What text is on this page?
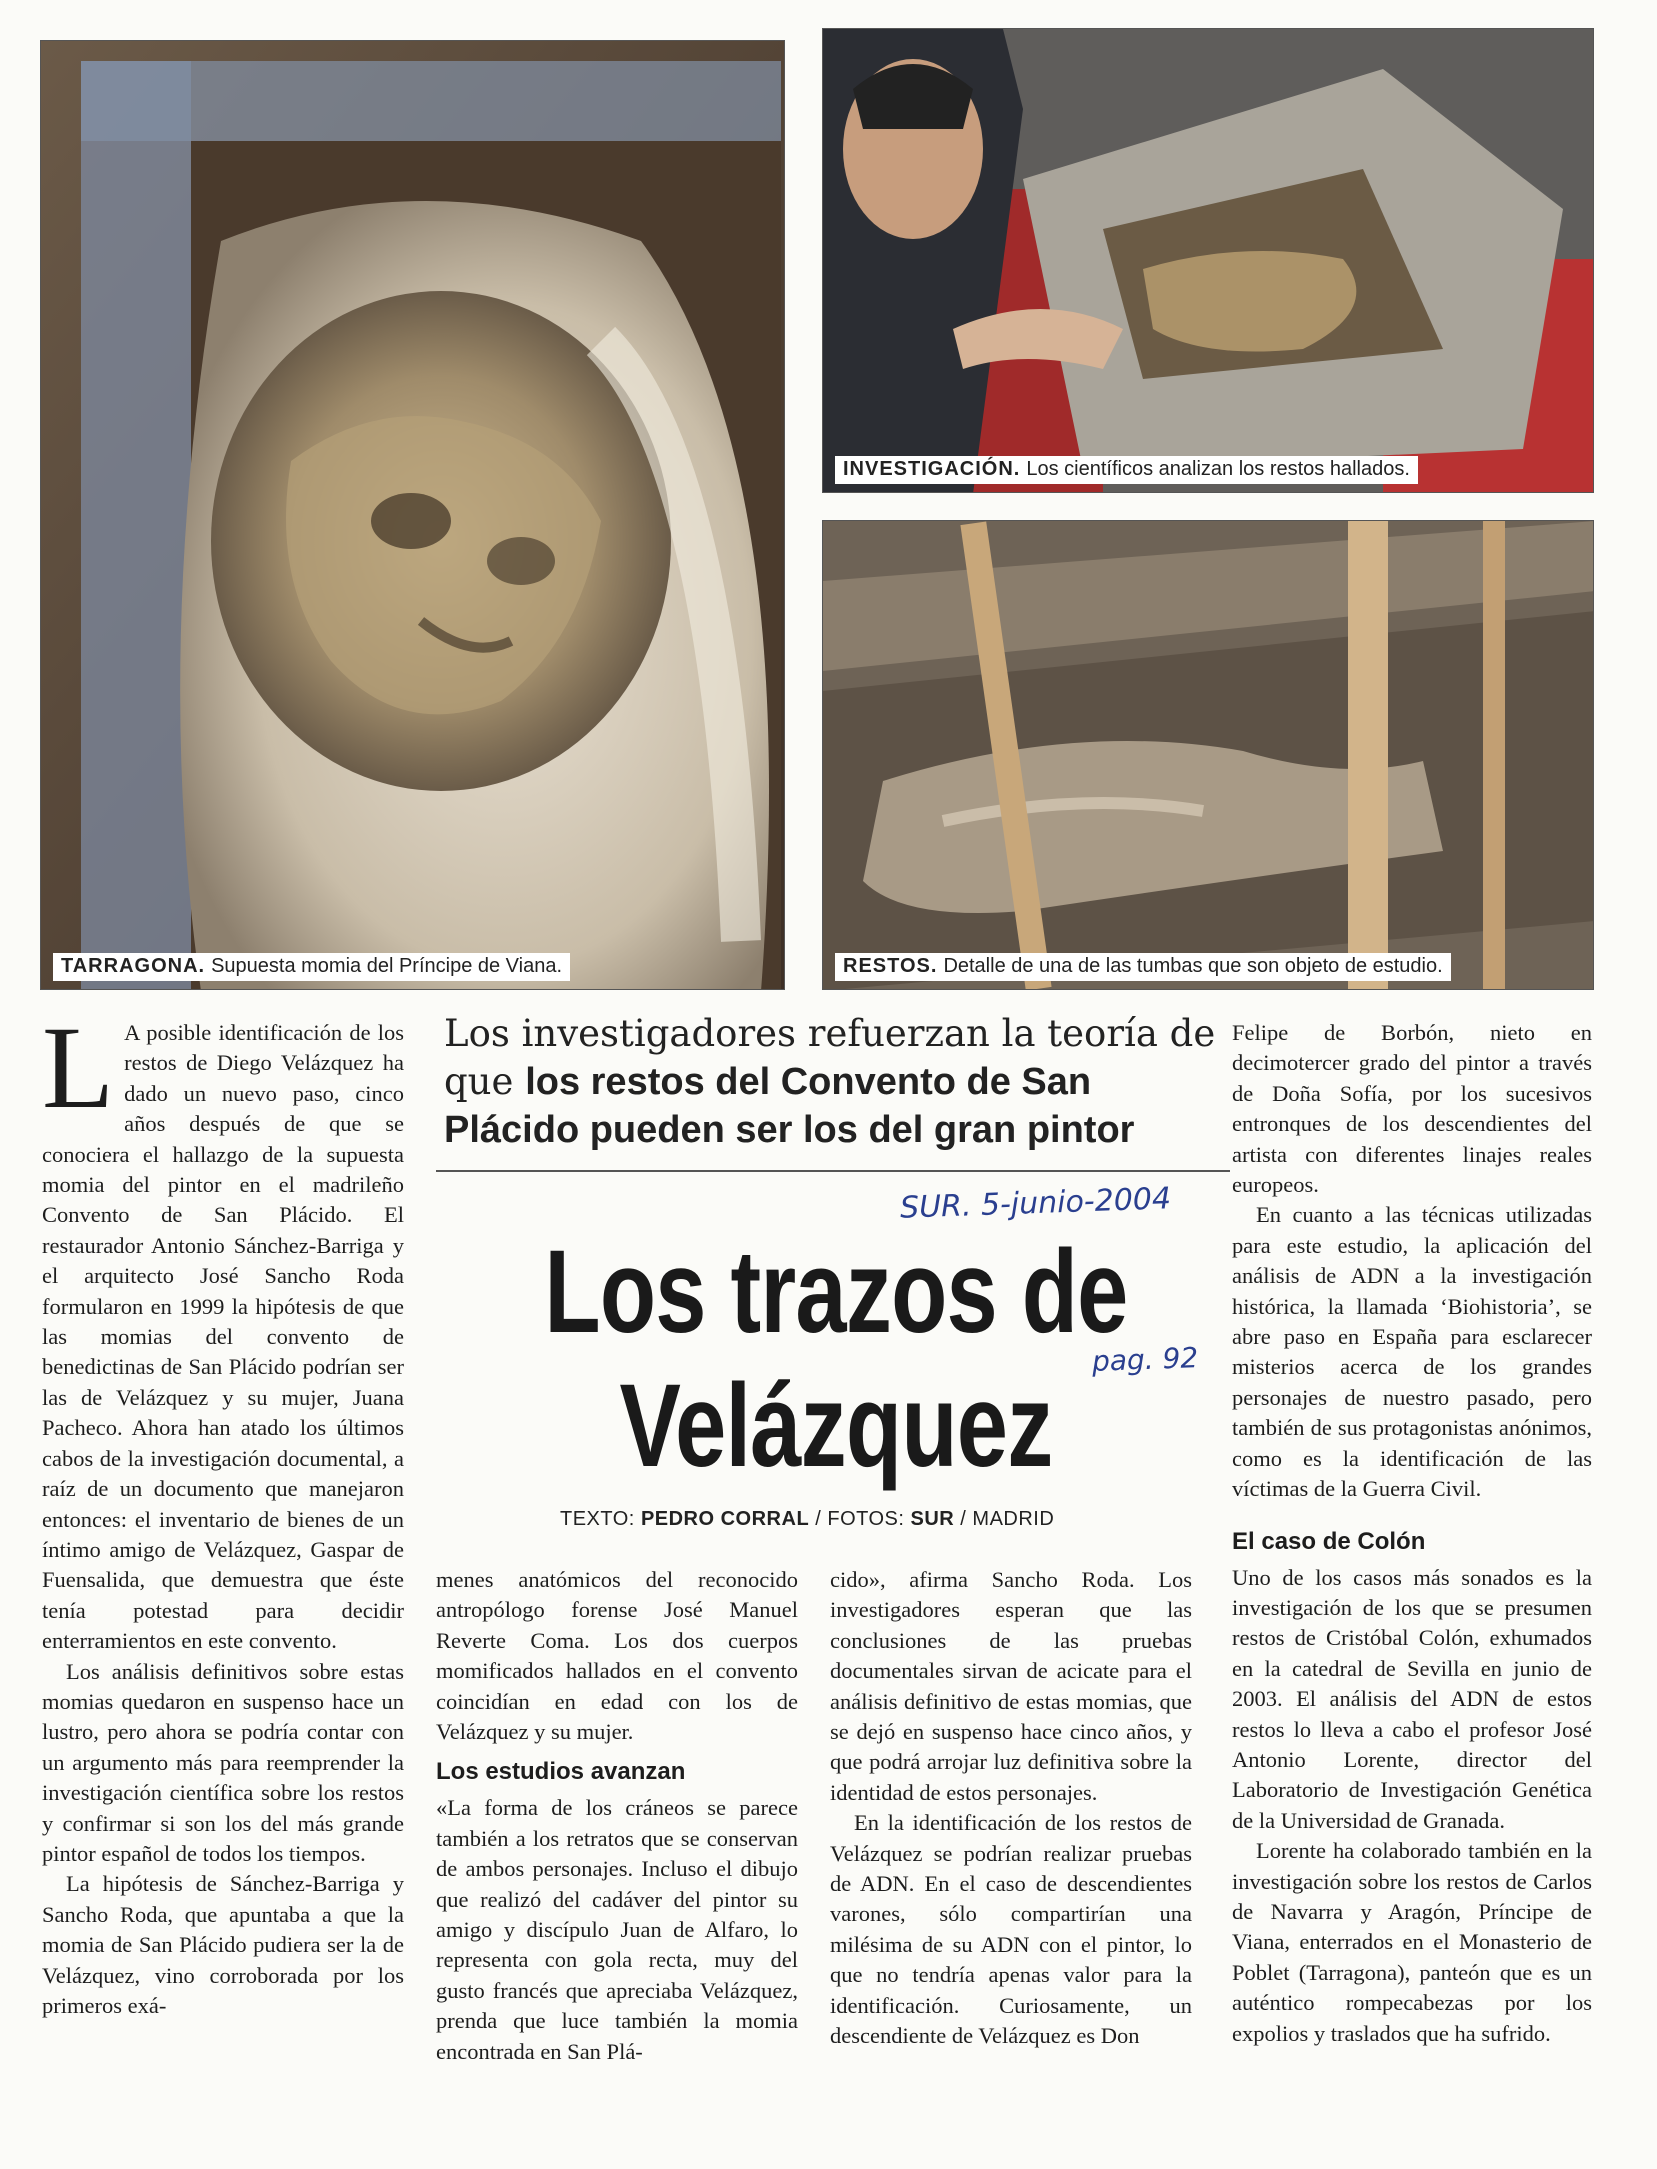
TARRAGONA. Supuesta momia del Príncipe de Viana.
INVESTIGACIÓN. Los científicos analizan los restos hallados.
RESTOS. Detalle de una de las tumbas que son objeto de estudio.
Los investigadores refuerzan la teoría de que los restos del Convento de San Plácido pueden ser los del gran pintor
SUR. 5-junio-2004
pag. 92
Los trazos de Velázquez
TEXTO: PEDRO CORRAL / FOTOS: SUR / MADRID

L A posible identificación de los restos de Diego Velázquez ha dado un nuevo paso, cinco años después de que se conociera el hallazgo de la supuesta momia del pintor en el madrileño Convento de San Plácido. El restaurador Antonio Sánchez-Barriga y el arquitecto José Sancho Roda formularon en 1999 la hipótesis de que las momias del convento de benedictinas de San Plácido podrían ser las de Velázquez y su mujer, Juana Pacheco. Ahora han atado los últimos cabos de la investigación documental, a raíz de un documento que manejaron entonces: el inventario de bienes de un íntimo amigo de Velázquez, Gaspar de Fuensalida, que demuestra que éste tenía potestad para decidir enterramientos en este convento.

Los análisis definitivos sobre estas momias quedaron en suspenso hace un lustro, pero ahora se podría contar con un argumento más para reemprender la investigación científica sobre los restos y confirmar si son los del más grande pintor español de todos los tiempos.

La hipótesis de Sánchez-Barriga y Sancho Roda, que apuntaba a que la momia de San Plácido pudiera ser la de Velázquez, vino corroborada por los primeros exá-

menes anatómicos del reconocido antropólogo forense José Manuel Reverte Coma. Los dos cuerpos momificados hallados en el convento coincidían en edad con los de Velázquez y su mujer.

Los estudios avanzan

«La forma de los cráneos se parece también a los retratos que se conservan de ambos personajes. Incluso el dibujo que realizó del cadáver del pintor su amigo y discípulo Juan de Alfaro, lo representa con gola recta, muy del gusto francés que apreciaba Velázquez, prenda que luce también la momia encontrada en San Plá-

cido», afirma Sancho Roda. Los investigadores esperan que las conclusiones de las pruebas documentales sirvan de acicate para el análisis definitivo de estas momias, que se dejó en suspenso hace cinco años, y que podrá arrojar luz definitiva sobre la identidad de estos personajes.

En la identificación de los restos de Velázquez se podrían realizar pruebas de ADN. En el caso de descendientes varones, sólo compartirían una milésima de su ADN con el pintor, lo que no tendría apenas valor para la identificación. Curiosamente, un descendiente de Velázquez es Don

Felipe de Borbón, nieto en decimotercer grado del pintor a través de Doña Sofía, por los sucesivos entronques de los descendientes del artista con diferentes linajes reales europeos.

En cuanto a las técnicas utilizadas para este estudio, la aplicación del análisis de ADN a la investigación histórica, la llamada ‘Biohistoria’, se abre paso en España para esclarecer misterios acerca de los grandes personajes de nuestro pasado, pero también de sus protagonistas anónimos, como es la identificación de las víctimas de la Guerra Civil.

El caso de Colón

Uno de los casos más sonados es la investigación de los que se presumen restos de Cristóbal Colón, exhumados en la catedral de Sevilla en junio de 2003. El análisis del ADN de estos restos lo lleva a cabo el profesor José Antonio Lorente, director del Laboratorio de Investigación Genética de la Universidad de Granada.

Lorente ha colaborado también en la investigación sobre los restos de Carlos de Navarra y Aragón, Príncipe de Viana, enterrados en el Monasterio de Poblet (Tarragona), panteón que es un auténtico rompecabezas por los expolios y traslados que ha sufrido.
